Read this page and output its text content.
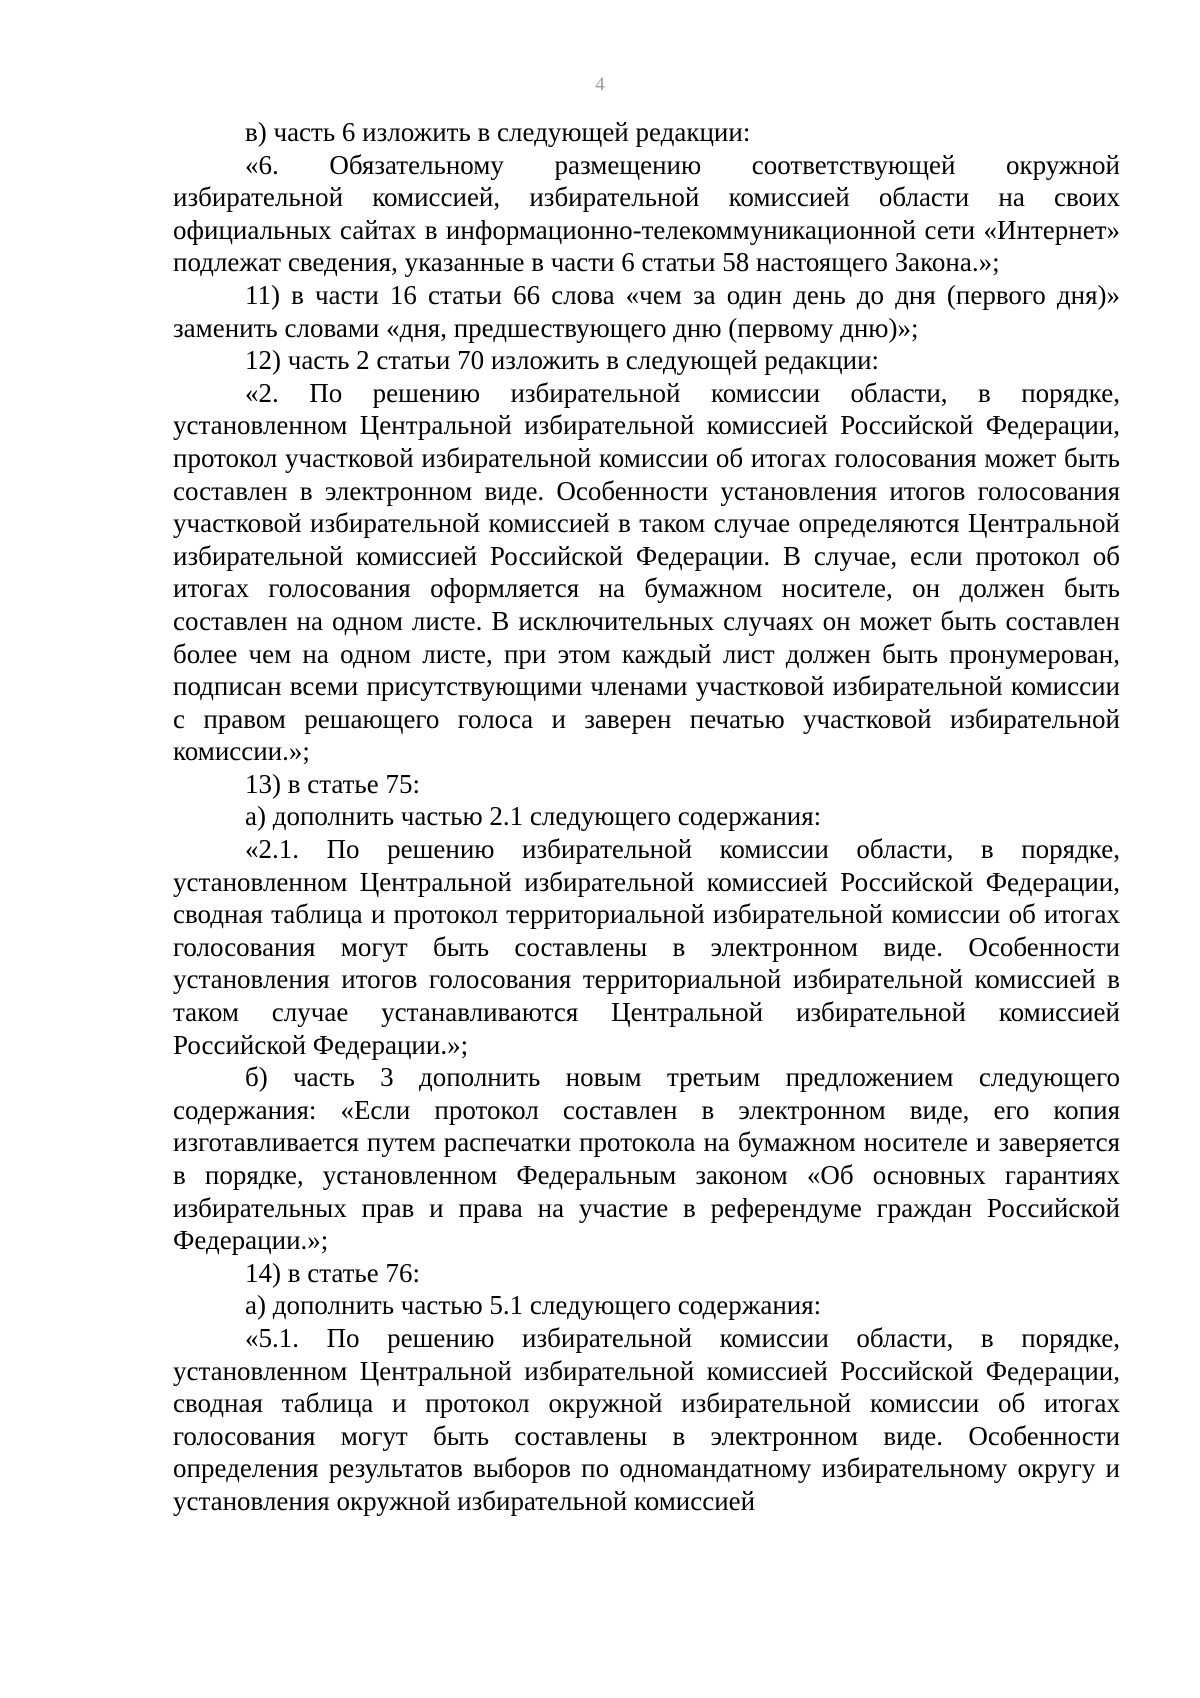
4

в) часть 6 изложить в следующей редакции:

«6. Обязательному размещению соответствующей окружной избирательной комиссией, избирательной комиссией области на своих официальных сайтах в информационно-телекоммуникационной сети «Интернет» подлежат сведения, указанные в части 6 статьи 58 настоящего Закона.»;

11) в части 16 статьи 66 слова «чем за один день до дня (первого дня)» заменить словами «дня, предшествующего дню (первому дню)»;

12) часть 2 статьи 70 изложить в следующей редакции:

«2. По решению избирательной комиссии области, в порядке, установленном Центральной избирательной комиссией Российской Федерации, протокол участковой избирательной комиссии об итогах голосования может быть составлен в электронном виде. Особенности установления итогов голосования участковой избирательной комиссией в таком случае определяются Центральной избирательной комиссией Российской Федерации. В случае, если протокол об итогах голосования оформляется на бумажном носителе, он должен быть составлен на одном листе. В исключительных случаях он может быть составлен более чем на одном листе, при этом каждый лист должен быть пронумерован, подписан всеми присутствующими членами участковой избирательной комиссии с правом решающего голоса и заверен печатью участковой избирательной комиссии.»;

13) в статье 75:

а) дополнить частью 2.1 следующего содержания:

«2.1. По решению избирательной комиссии области, в порядке, установленном Центральной избирательной комиссией Российской Федерации, сводная таблица и протокол территориальной избирательной комиссии об итогах голосования могут быть составлены в электронном виде. Особенности установления итогов голосования территориальной избирательной комиссией в таком случае устанавливаются Центральной избирательной комиссией Российской Федерации.»;

б) часть 3 дополнить новым третьим предложением следующего содержания: «Если протокол составлен в электронном виде, его копия изготавливается путем распечатки протокола на бумажном носителе и заверяется в порядке, установленном Федеральным законом «Об основных гарантиях избирательных прав и права на участие в референдуме граждан Российской Федерации.»;

14) в статье 76:

а) дополнить частью 5.1 следующего содержания:

«5.1. По решению избирательной комиссии области, в порядке, установленном Центральной избирательной комиссией Российской Федерации, сводная таблица и протокол окружной избирательной комиссии об итогах голосования могут быть составлены в электронном виде. Особенности определения результатов выборов по одномандатному избирательному округу и установления окружной избирательной комиссией
